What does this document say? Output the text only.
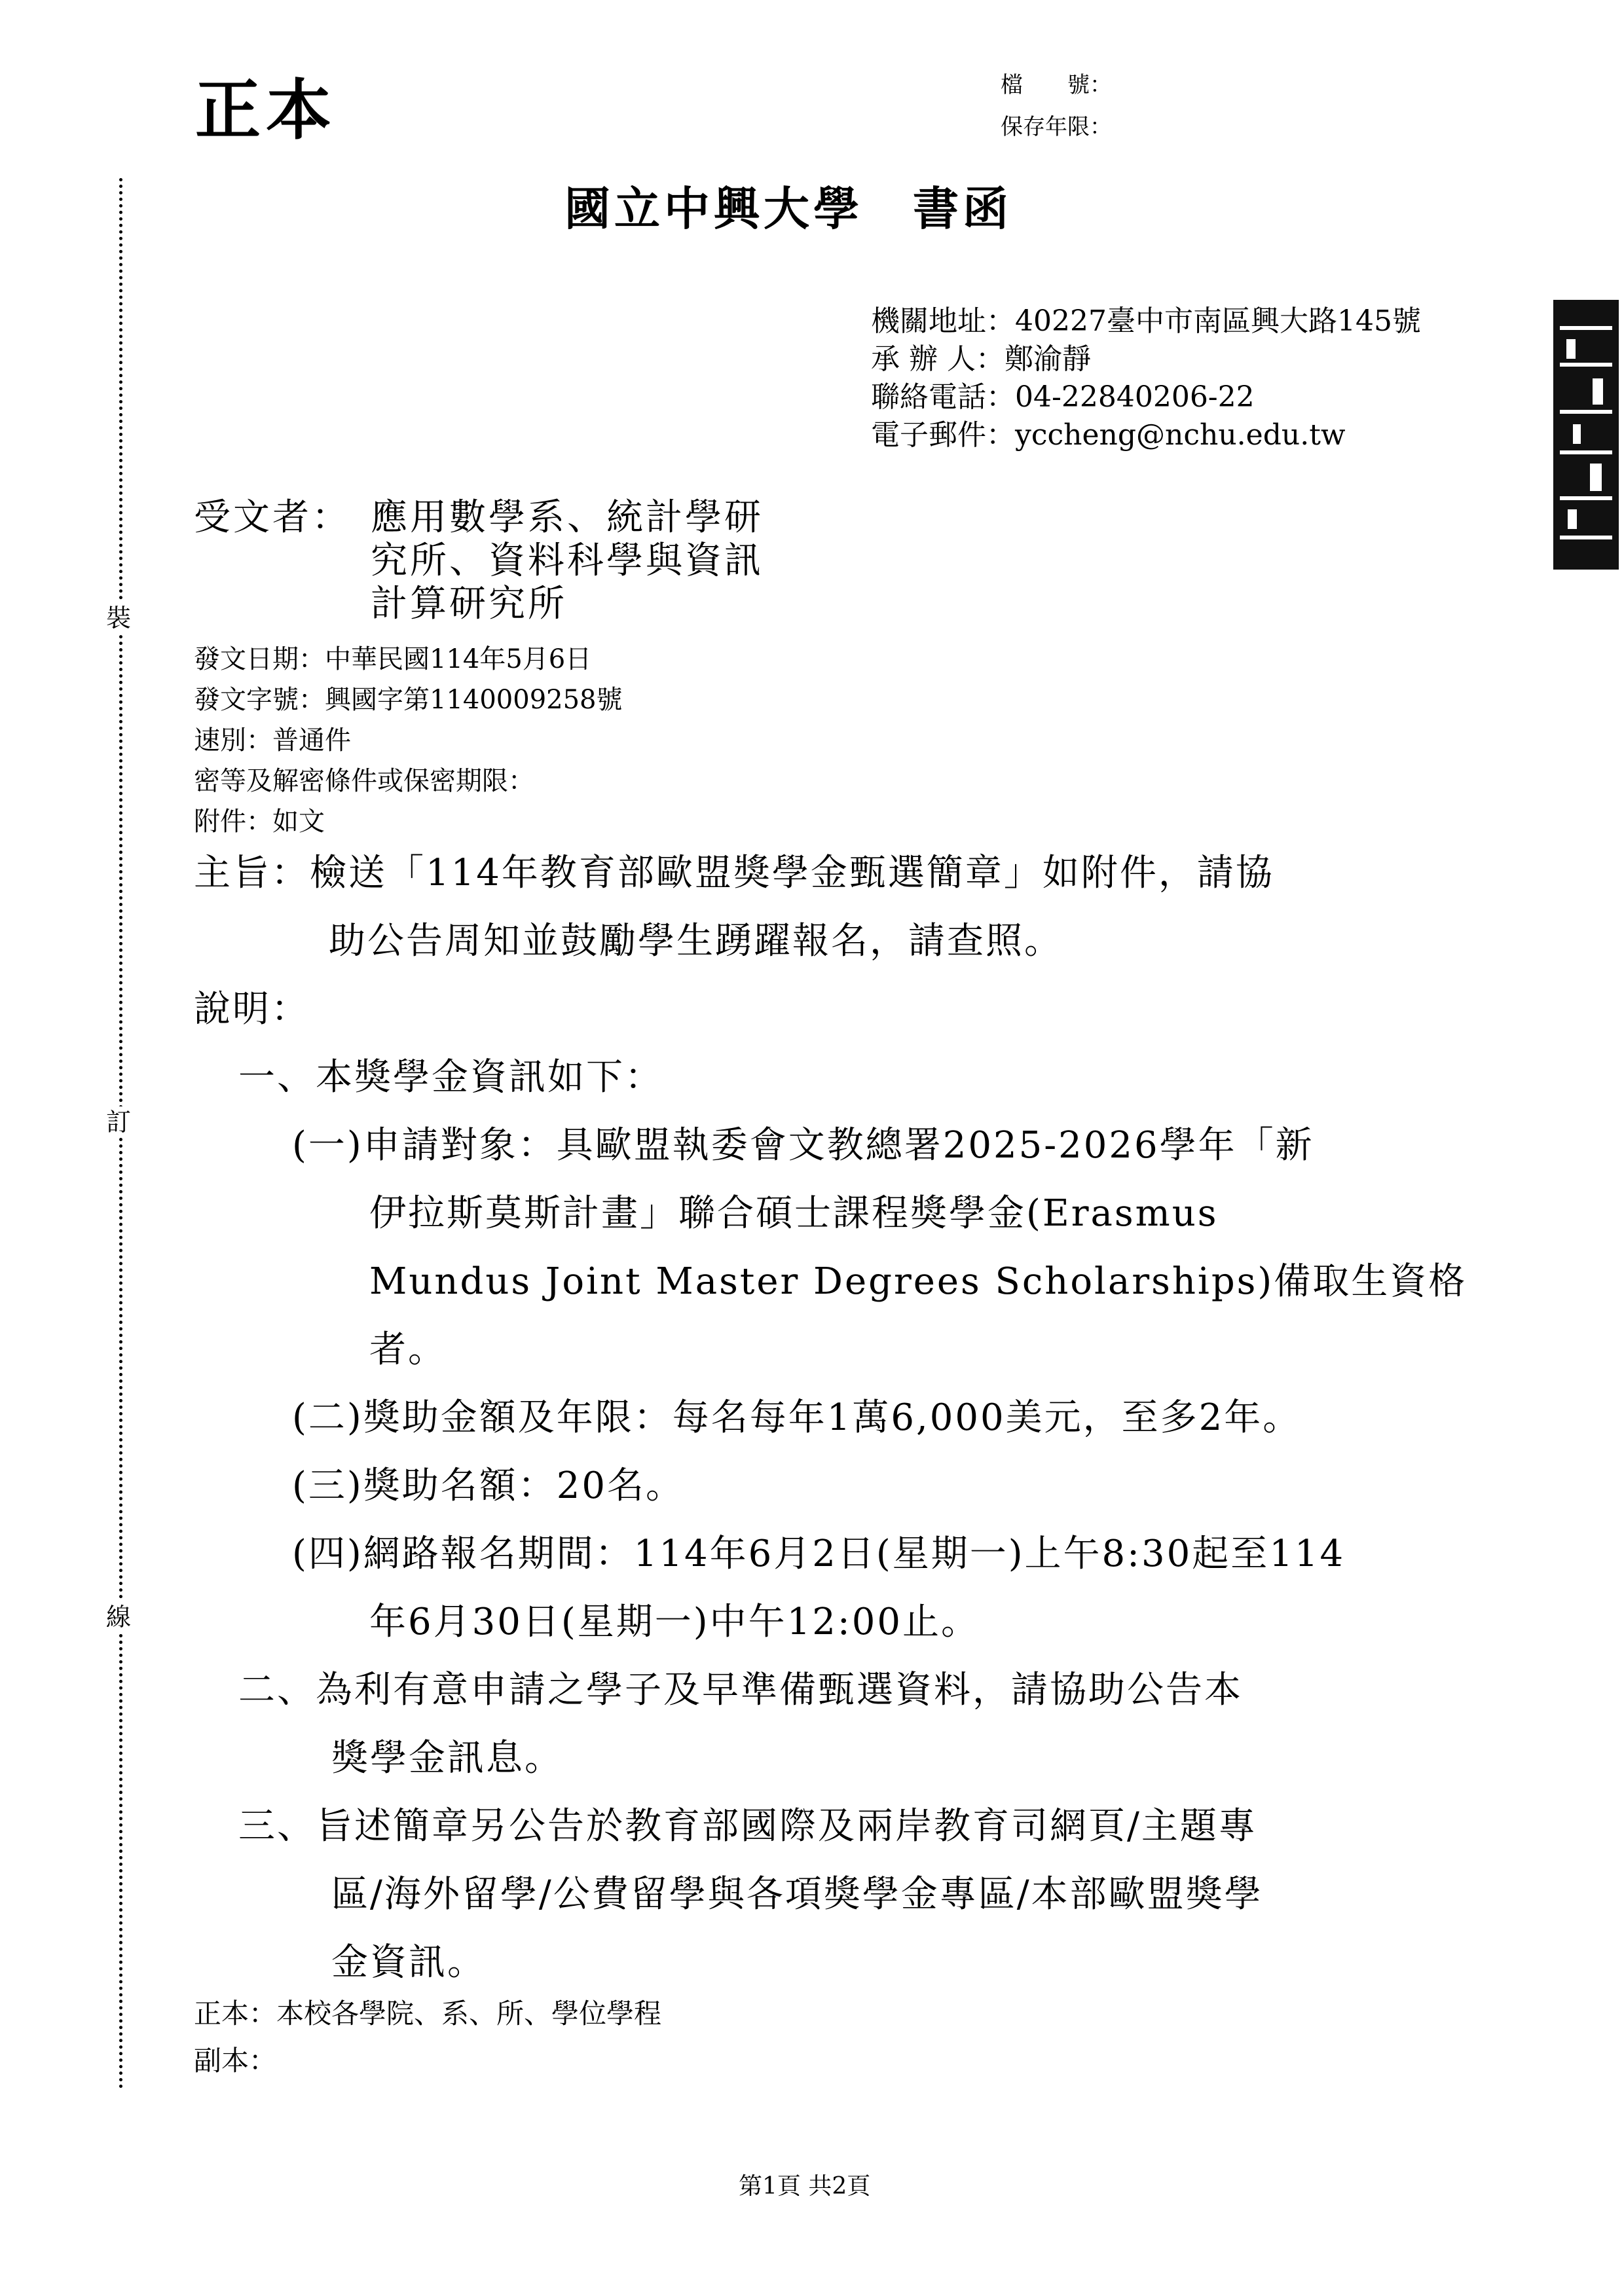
裝
訂
線
正本	檔　　號：
保存年限：
國立中興大學　書函
機關地址：40227臺中市南區興大路145號
承 辦 人：鄭渝靜
聯絡電話：04-22840206-22
電子郵件：yccheng@nchu.edu.tw
受文者： 應用數學系、統計學研
究所、資料科學與資訊
計算研究所
發文日期：中華民國114年5月6日
發文字號：興國字第1140009258號
速別：普通件
密等及解密條件或保密期限：
附件：如文
主旨：檢送「114年教育部歐盟獎學金甄選簡章」如附件，請協
助公告周知並鼓勵學生踴躍報名，請查照。
說明：
一、本獎學金資訊如下：
(一)申請對象：具歐盟執委會文教總署2025-2026學年「新
伊拉斯莫斯計畫」聯合碩士課程獎學金(Erasmus
Mundus Joint Master Degrees Scholarships)備取生資格
者。
(二)獎助金額及年限：每名每年1萬6,000美元，至多2年。
(三)獎助名額：20名。
(四)網路報名期間：114年6月2日(星期一)上午8:30起至114
年6月30日(星期一)中午12:00止。
二、為利有意申請之學子及早準備甄選資料，請協助公告本
獎學金訊息。
三、旨述簡章另公告於教育部國際及兩岸教育司網頁/主題專
區/海外留學/公費留學與各項獎學金專區/本部歐盟獎學
金資訊。
正本：本校各學院、系、所、學位學程
副本：
第1頁 共2頁
